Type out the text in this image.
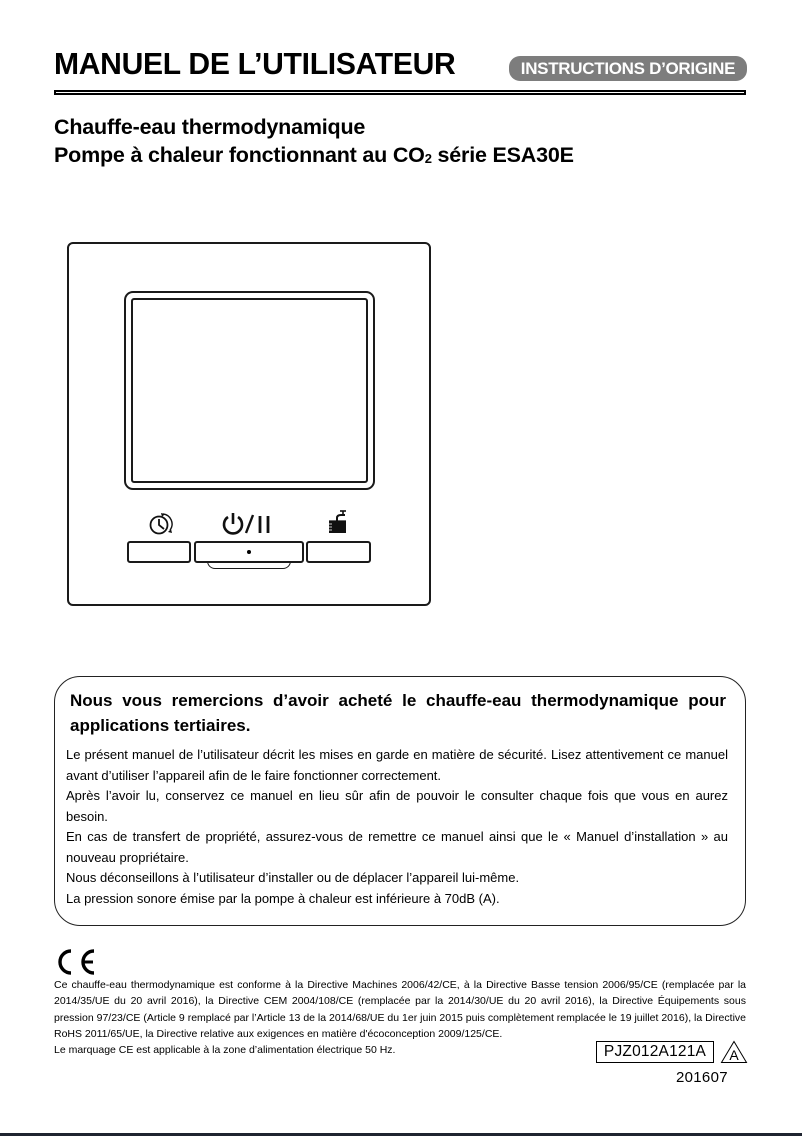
MANUEL DE L’UTILISATEUR	INSTRUCTIONS D’ORIGINE
Chauffe-eau thermodynamique
Pompe à chaleur fonctionnant au $CO_2$ série ESA30E
Nous vous remercions d’avoir acheté le chauffe-eau thermodynamique pour applications tertiaires.

Le présent manuel de l’utilisateur décrit les mises en garde en matière de sécurité. Lisez attentivement ce manuel avant d’utiliser l’appareil afin de le faire fonctionner correctement.

Après l’avoir lu, conservez ce manuel en lieu sûr afin de pouvoir le consulter chaque fois que vous en aurez besoin.

En cas de transfert de propriété, assurez-vous de remettre ce manuel ainsi que le « Manuel d’installation » au nouveau propriétaire.

Nous déconseillons à l’utilisateur d’installer ou de déplacer l’appareil lui-même.

La pression sonore émise par la pompe à chaleur est inférieure à 70dB (A).

Ce chauffe-eau thermodynamique est conforme à la Directive Machines 2006/42/CE, à la Directive Basse tension 2006/95/CE (remplacée par la 2014/35/UE du 20 avril 2016), la Directive CEM 2004/108/CE (remplacée par la 2014/30/UE du 20 avril 2016), la Directive Équipements sous pression 97/23/CE (Article 9 remplacé par l’Article 13 de la 2014/68/UE du 1er juin 2015 puis complètement remplacée le 19 juillet 2016), la Directive RoHS 2011/65/UE, la Directive relative aux exigences en matière d'écoconception 2009/125/CE.

Le marquage CE est applicable à la zone d’alimentation électrique 50 Hz.	PJZ012A121A	A
201607
